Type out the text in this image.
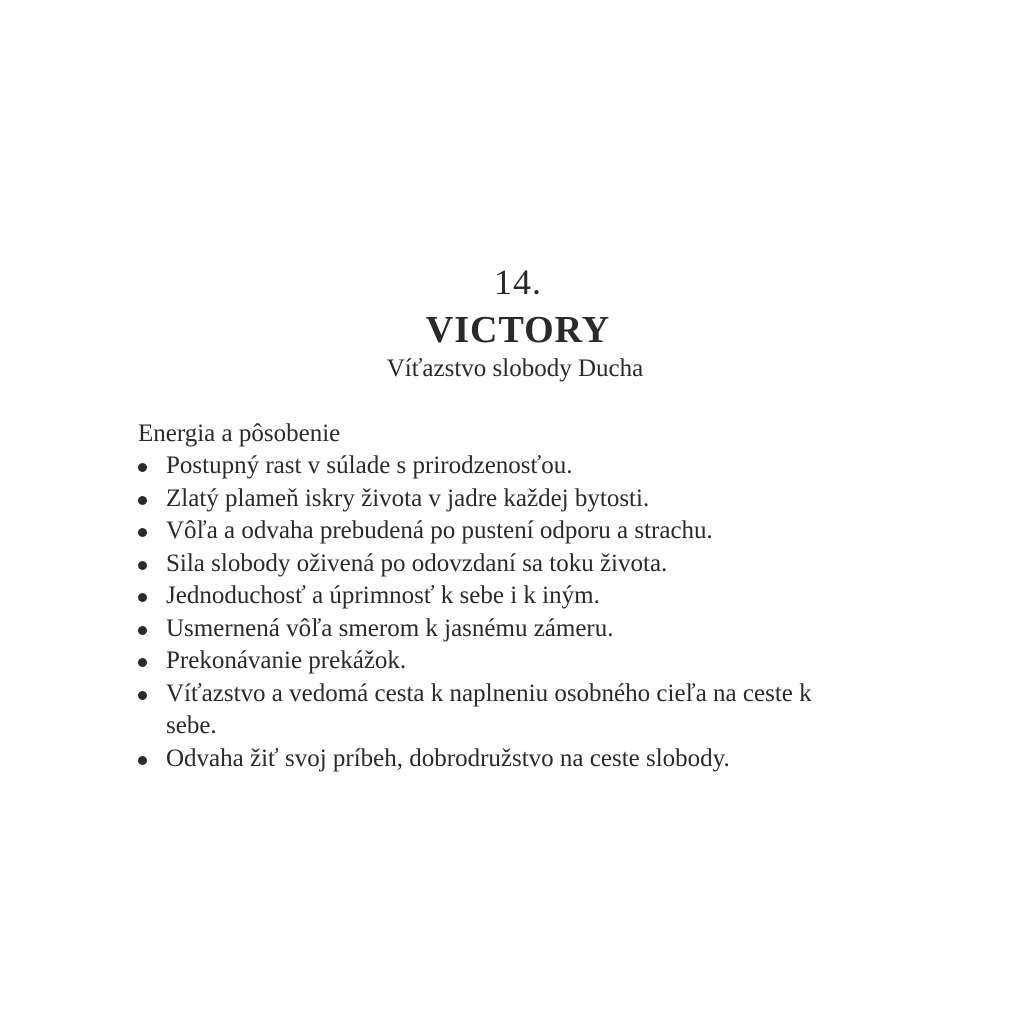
14.
VICTORY
Víťazstvo slobody Ducha

Energia a pôsobenie

Postupný rast v súlade s prirodzenosťou.
Zlatý plameň iskry života v jadre každej bytosti.
Vôľa a odvaha prebudená po pustení odporu a strachu.
Sila slobody oživená po odovzdaní sa toku života.
Jednoduchosť a úprimnosť k sebe i k iným.
Usmernená vôľa smerom k jasnému zámeru.
Prekonávanie prekážok.
Víťazstvo a vedomá cesta k naplneniu osobného cieľa na ceste k sebe.
Odvaha žiť svoj príbeh, dobrodružstvo na ceste slobody.
